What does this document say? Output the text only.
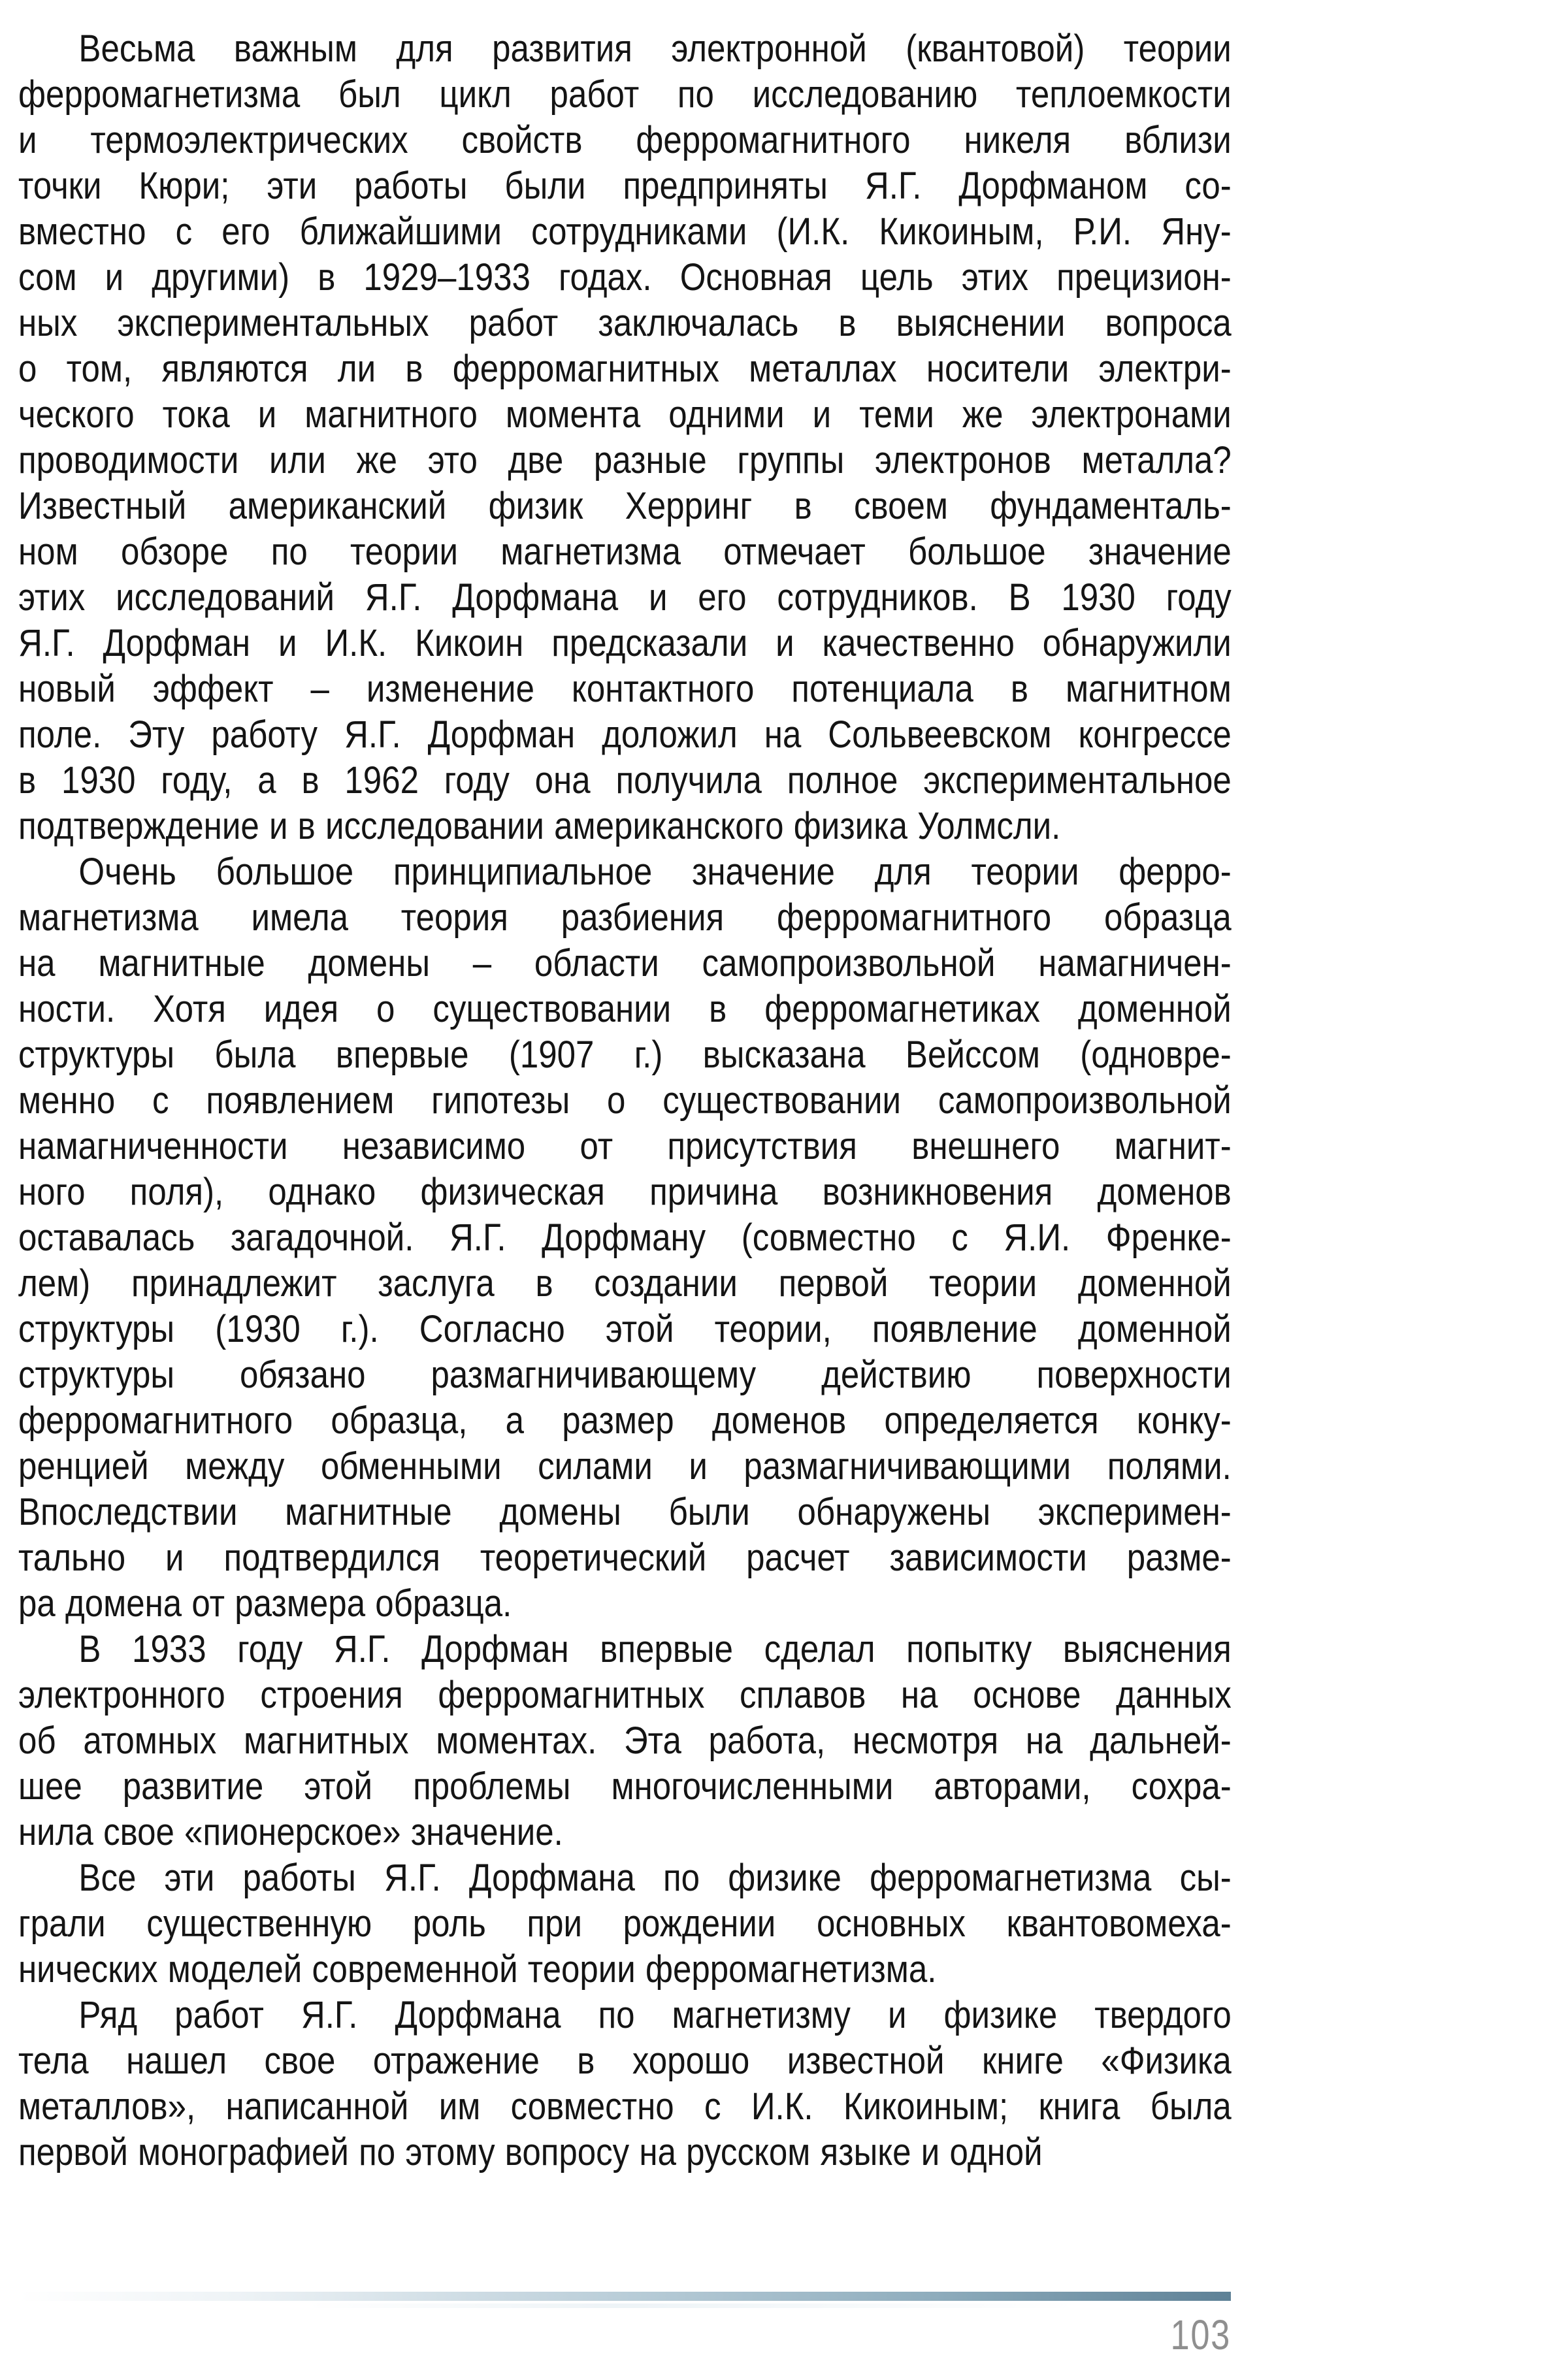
Весьма важным для развития электронной (квантовой) теории
ферромагнетизма был цикл работ по исследованию теплоемкости
и термоэлектрических свойств ферромагнитного никеля вблизи
точки Кюри; эти работы были предприняты Я.Г. Дорфманом со-
вместно с его ближайшими сотрудниками (И.К. Кикоиным, Р.И. Яну-
сом и другими) в 1929–1933 годах. Основная цель этих прецизион-
ных экспериментальных работ заключалась в выяснении вопроса
о том, являются ли в ферромагнитных металлах носители электри-
ческого тока и магнитного момента одними и теми же электронами
проводимости или же это две разные группы электронов металла?
Известный американский физик Херринг в своем фундаменталь-
ном обзоре по теории магнетизма отмечает большое значение
этих исследований Я.Г. Дорфмана и его сотрудников. В 1930 году
Я.Г. Дорфман и И.К. Кикоин предсказали и качественно обнаружили
новый эффект – изменение контактного потенциала в магнитном
поле. Эту работу Я.Г. Дорфман доложил на Сольвеевском конгрессе
в 1930 году, а в 1962 году она получила полное экспериментальное
подтверждение и в исследовании американского физика Уолмсли.
Очень большое принципиальное значение для теории ферро-
магнетизма имела теория разбиения ферромагнитного образца
на магнитные домены – области самопроизвольной намагничен-
ности. Хотя идея о существовании в ферромагнетиках доменной
структуры была впервые (1907 г.) высказана Вейссом (одновре-
менно с появлением гипотезы о существовании самопроизвольной
намагниченности независимо от присутствия внешнего магнит-
ного поля), однако физическая причина возникновения доменов
оставалась загадочной. Я.Г. Дорфману (совместно с Я.И. Френке-
лем) принадлежит заслуга в создании первой теории доменной
структуры (1930 г.). Согласно этой теории, появление доменной
структуры обязано размагничивающему действию поверхности
ферромагнитного образца, а размер доменов определяется конку-
ренцией между обменными силами и размагничивающими полями.
Впоследствии магнитные домены были обнаружены эксперимен-
тально и подтвердился теоретический расчет зависимости разме-
ра домена от размера образца.
В 1933 году Я.Г. Дорфман впервые сделал попытку выяснения
электронного строения ферромагнитных сплавов на основе данных
об атомных магнитных моментах. Эта работа, несмотря на дальней-
шее развитие этой проблемы многочисленными авторами, сохра-
нила свое «пионерское» значение.
Все эти работы Я.Г. Дорфмана по физике ферромагнетизма сы-
грали существенную роль при рождении основных квантовомеха-
нических моделей современной теории ферромагнетизма.
Ряд работ Я.Г. Дорфмана по магнетизму и физике твердого
тела нашел свое отражение в хорошо известной книге «Физика
металлов», написанной им совместно с И.К. Кикоиным; книга была
первой монографией по этому вопросу на русском языке и одной
103
